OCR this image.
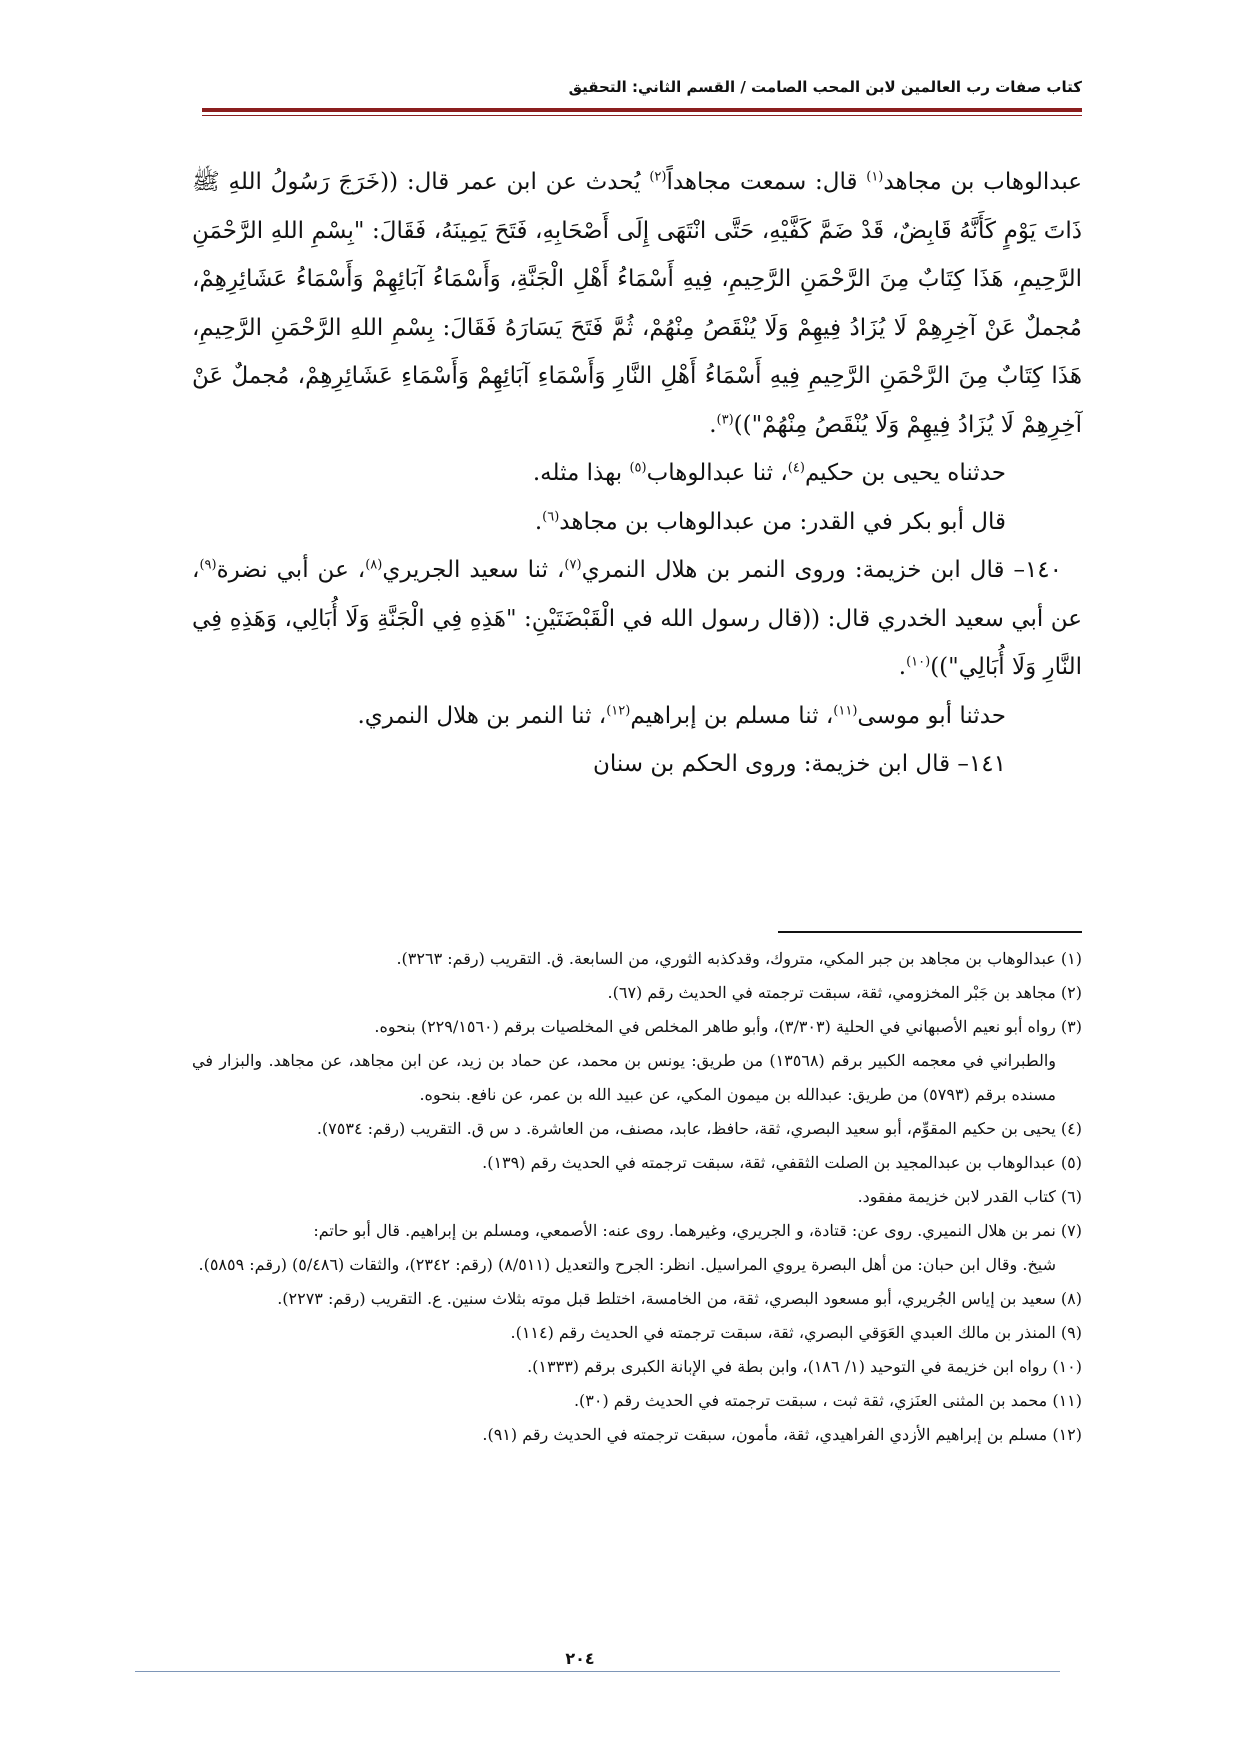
كتاب صفات رب العالمين لابن المحب الصامت / القسم الثاني: التحقيق

عبدالوهاب بن مجاهد$^{(١)}$ قال: سمعت مجاهداً$^{(٢)}$ يُحدث عن ابن عمر قال: ((خَرَجَ رَسُولُ اللهِ ﷺ ذَاتَ يَوْمٍ كَأَنَّهُ قَابِضٌ، قَدْ ضَمَّ كَفَّيْهِ، حَتَّى انْتَهَى إِلَى أَصْحَابِهِ، فَتَحَ يَمِينَهُ، فَقَالَ: "بِسْمِ اللهِ الرَّحْمَنِ الرَّحِيمِ، هَذَا كِتَابٌ مِنَ الرَّحْمَنِ الرَّحِيمِ، فِيهِ أَسْمَاءُ أَهْلِ الْجَنَّةِ، وَأَسْمَاءُ آبَائِهِمْ وَأَسْمَاءُ عَشَائِرِهِمْ، مُجملٌ عَنْ آخِرِهِمْ لَا يُزَادُ فِيهِمْ وَلَا يُنْقَصُ مِنْهُمْ، ثُمَّ فَتَحَ يَسَارَهُ فَقَالَ: بِسْمِ اللهِ الرَّحْمَنِ الرَّحِيمِ، هَذَا كِتَابٌ مِنَ الرَّحْمَنِ الرَّحِيمِ فِيهِ أَسْمَاءُ أَهْلِ النَّارِ وَأَسْمَاءِ آبَائِهِمْ وَأَسْمَاءِ عَشَائِرِهِمْ، مُجملٌ عَنْ آخِرِهِمْ لَا يُزَادُ فِيهِمْ وَلَا يُنْقَصُ مِنْهُمْ"))$^{(٣)}$.

حدثناه يحيى بن حكيم$^{(٤)}$، ثنا عبدالوهاب$^{(٥)}$ بهذا مثله.

قال أبو بكر في القدر: من عبدالوهاب بن مجاهد$^{(٦)}$.

١٤٠– قال ابن خزيمة: وروى النمر بن هلال النمري$^{(٧)}$، ثنا سعيد الجريري$^{(٨)}$، عن أبي نضرة$^{(٩)}$، عن أبي سعيد الخدري قال: ((قال رسول الله في الْقَبْضَتَيْنِ: "هَذِهِ فِي الْجَنَّةِ وَلَا أُبَالِي، وَهَذِهِ فِي النَّارِ وَلَا أُبَالِي"))$^{(١٠)}$.

حدثنا أبو موسى$^{(١١)}$، ثنا مسلم بن إبراهيم$^{(١٢)}$، ثنا النمر بن هلال النمري.

١٤١– قال ابن خزيمة: وروى الحكم بن سنان

(١) عبدالوهاب بن مجاهد بن جبر المكي، متروك، وقدكذبه الثوري، من السابعة. ق. التقريب (رقم: ٣٢٦٣).

(٢) مجاهد بن جَبْر المخزومي، ثقة، سبقت ترجمته في الحديث رقم (٦٧).

(٣) رواه أبو نعيم الأصبهاني في الحلية (٣/٣٠٣)، وأبو طاهر المخلص في المخلصيات برقم (٢٢٩/١٥٦٠) بنحوه.
والطبراني في معجمه الكبير برقم (١٣٥٦٨) من طريق: يونس بن محمد، عن حماد بن زيد، عن ابن مجاهد، عن مجاهد. والبزار في مسنده برقم (٥٧٩٣) من طريق: عبدالله بن ميمون المكي، عن عبيد الله بن عمر، عن نافع. بنحوه.

(٤) يحيى بن حكيم المقوِّم، أبو سعيد البصري، ثقة، حافظ، عابد، مصنف، من العاشرة. د س ق. التقريب (رقم: ٧٥٣٤).

(٥) عبدالوهاب بن عبدالمجيد بن الصلت الثقفي، ثقة، سبقت ترجمته في الحديث رقم (١٣٩).

(٦) كتاب القدر لابن خزيمة مفقود.

(٧) نمر بن هلال النميري. روى عن: قتادة، و الجريري، وغيرهما. روى عنه: الأصمعي، ومسلم بن إبراهيم. قال أبو حاتم:
شيخ. وقال ابن حبان: من أهل البصرة يروي المراسيل. انظر: الجرح والتعديل (٨/٥١١) (رقم: ٢٣٤٢)، والثقات (٥/٤٨٦) (رقم: ٥٨٥٩).

(٨) سعيد بن إياس الجُريري، أبو مسعود البصري، ثقة، من الخامسة، اختلط قبل موته بثلاث سنين. ع. التقريب (رقم: ٢٢٧٣).

(٩) المنذر بن مالك العبدي العَوَقي البصري، ثقة، سبقت ترجمته في الحديث رقم (١١٤).

(١٠) رواه ابن خزيمة في التوحيد (١/ ١٨٦)، وابن بطة في الإبانة الكبرى برقم (١٣٣٣).

(١١) محمد بن المثنى العنَزي، ثقة ثبت ، سبقت ترجمته في الحديث رقم (٣٠).

(١٢) مسلم بن إبراهيم الأزدي الفراهيدي، ثقة، مأمون، سبقت ترجمته في الحديث رقم (٩١).

٢٠٤
